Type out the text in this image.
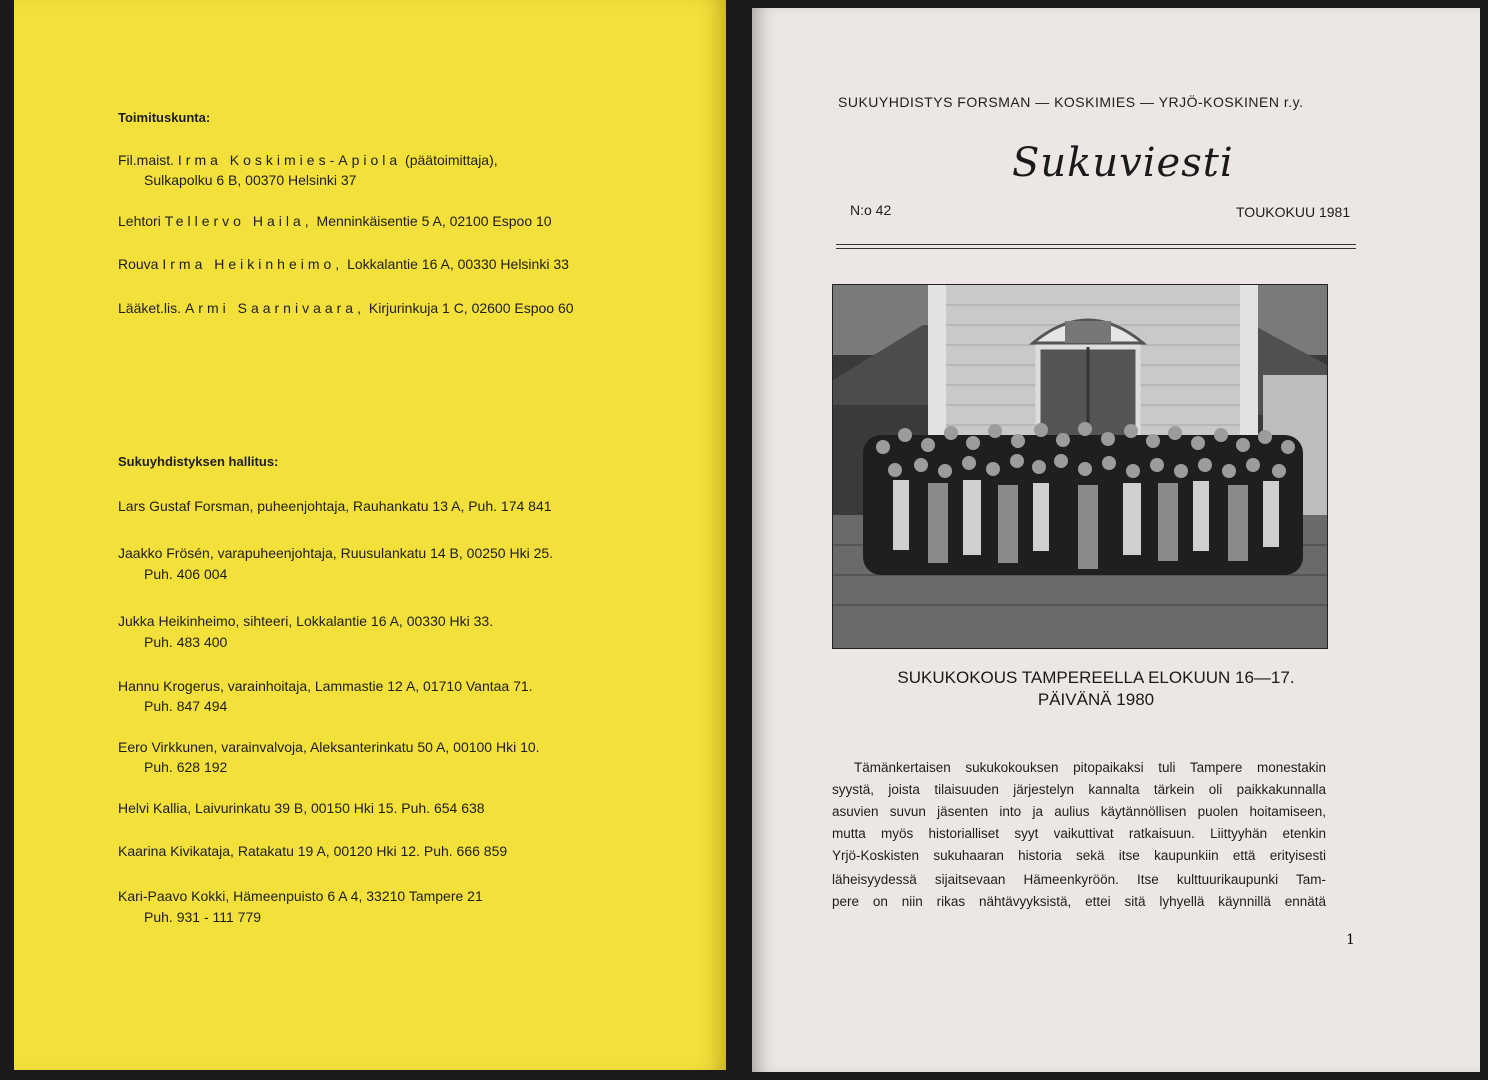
Toimituskunta:
Fil.maist. Irma Koskimies-Apiola (päätoimittaja),
Sulkapolku 6 B, 00370 Helsinki 37
Lehtori Tellervo Haila, Menninkäisentie 5 A, 02100 Espoo 10
Rouva Irma Heikinheimo, Lokkalantie 16 A, 00330 Helsinki 33
Lääket.lis. Armi Saarnivaara, Kirjurinkuja 1 C, 02600 Espoo 60
Sukuyhdistyksen hallitus:
Lars Gustaf Forsman, puheenjohtaja, Rauhankatu 13 A, Puh. 174 841
Jaakko Frösén, varapuheenjohtaja, Ruusulankatu 14 B, 00250 Hki 25.
Puh. 406 004
Jukka Heikinheimo, sihteeri, Lokkalantie 16 A, 00330 Hki 33.
Puh. 483 400
Hannu Krogerus, varainhoitaja, Lammastie 12 A, 01710 Vantaa 71.
Puh. 847 494
Eero Virkkunen, varainvalvoja, Aleksanterinkatu 50 A, 00100 Hki 10.
Puh. 628 192
Helvi Kallia, Laivurinkatu 39 B, 00150 Hki 15. Puh. 654 638
Kaarina Kivikataja, Ratakatu 19 A, 00120 Hki 12. Puh. 666 859
Kari-Paavo Kokki, Hämeenpuisto 6 A 4, 33210 Tampere 21
Puh. 931 - 111 779
SUKUYHDISTYS FORSMAN — KOSKIMIES — YRJÖ-KOSKINEN r.y.
Sukuviesti
N:o 42	TOUKOKUU 1981
SUKUKOKOUS TAMPEREELLA ELOKUUN 16—17.
PÄIVÄNÄ 1980
Tämänkertaisen sukukokouksen pitopaikaksi tuli Tampere monestakin
syystä, joista tilaisuuden järjestelyn kannalta tärkein oli paikkakunnalla
asuvien suvun jäsenten into ja aulius käytännöllisen puolen hoitamiseen,
mutta myös historialliset syyt vaikuttivat ratkaisuun. Liittyyhän etenkin
Yrjö-Koskisten sukuhaaran historia sekä itse kaupunkiin että erityisesti
läheisyydessä sijaitsevaan Hämeenkyröön. Itse kulttuurikaupunki Tam-
pere on niin rikas nähtävyyksistä, ettei sitä lyhyellä käynnillä ennätä
1
